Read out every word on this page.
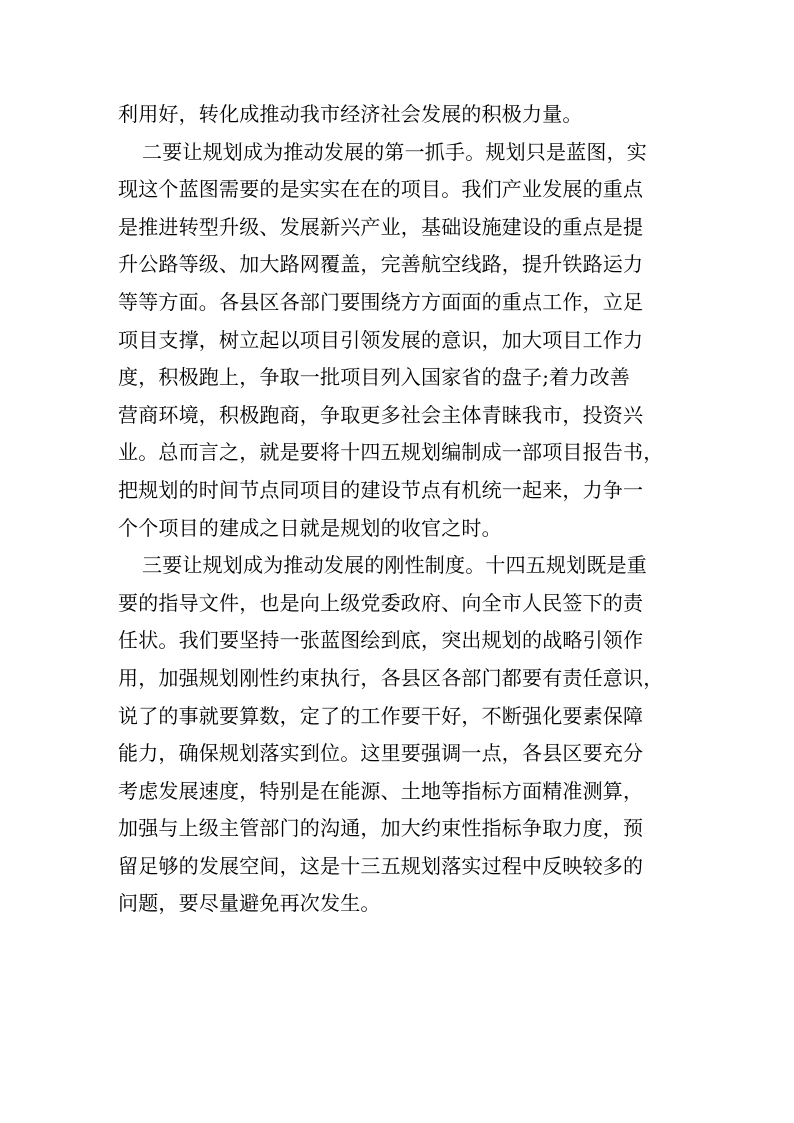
利用好，转化成推动我市经济社会发展的积极力量。
二要让规划成为推动发展的第一抓手。规划只是蓝图，实
现这个蓝图需要的是实实在在的项目。我们产业发展的重点
是推进转型升级、发展新兴产业，基础设施建设的重点是提
升公路等级、加大路网覆盖，完善航空线路，提升铁路运力
等等方面。各县区各部门要围绕方方面面的重点工作，立足
项目支撑，树立起以项目引领发展的意识，加大项目工作力
度，积极跑上，争取一批项目列入国家省的盘子;着力改善
营商环境，积极跑商，争取更多社会主体青睐我市，投资兴
业。总而言之，就是要将十四五规划编制成一部项目报告书，
把规划的时间节点同项目的建设节点有机统一起来，力争一
个个项目的建成之日就是规划的收官之时。
三要让规划成为推动发展的刚性制度。十四五规划既是重
要的指导文件，也是向上级党委政府、向全市人民签下的责
任状。我们要坚持一张蓝图绘到底，突出规划的战略引领作
用，加强规划刚性约束执行，各县区各部门都要有责任意识，
说了的事就要算数，定了的工作要干好，不断强化要素保障
能力，确保规划落实到位。这里要强调一点，各县区要充分
考虑发展速度，特别是在能源、土地等指标方面精准测算，
加强与上级主管部门的沟通，加大约束性指标争取力度，预
留足够的发展空间，这是十三五规划落实过程中反映较多的
问题，要尽量避免再次发生。
